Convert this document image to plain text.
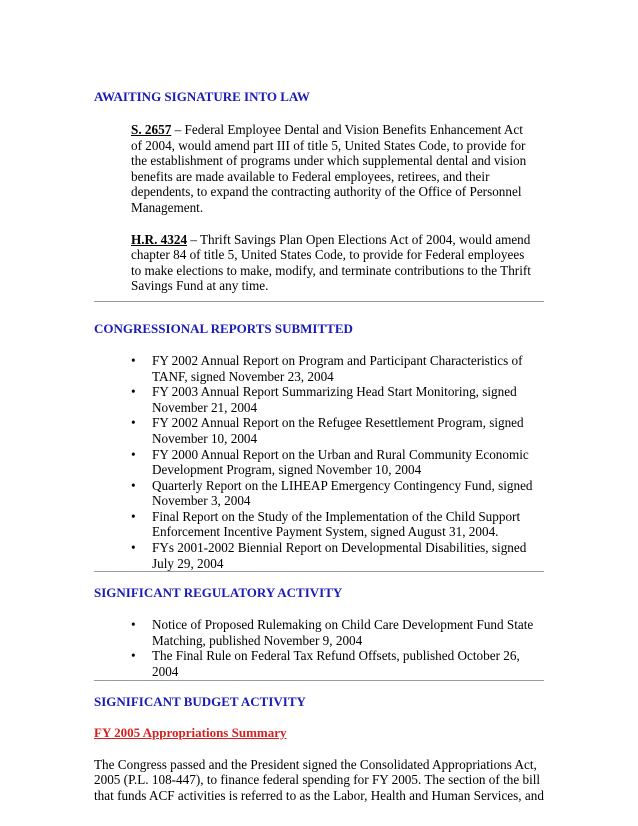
AWAITING SIGNATURE INTO LAW

S. 2657 – Federal Employee Dental and Vision Benefits Enhancement Act of 2004, would amend part III of title 5, United States Code, to provide for the establishment of programs under which supplemental dental and vision benefits are made available to Federal employees, retirees, and their dependents, to expand the contracting authority of the Office of Personnel Management.

H.R. 4324 – Thrift Savings Plan Open Elections Act of 2004, would amend chapter 84 of title 5, United States Code, to provide for Federal employees to make elections to make, modify, and terminate contributions to the Thrift Savings Fund at any time.

CONGRESSIONAL REPORTS SUBMITTED
• FY 2002 Annual Report on Program and Participant Characteristics of TANF, signed November 23, 2004
• FY 2003 Annual Report Summarizing Head Start Monitoring, signed November 21, 2004
• FY 2002 Annual Report on the Refugee Resettlement Program, signed November 10, 2004
• FY 2000 Annual Report on the Urban and Rural Community Economic Development Program, signed November 10, 2004
• Quarterly Report on the LIHEAP Emergency Contingency Fund, signed November 3, 2004
• Final Report on the Study of the Implementation of the Child Support Enforcement Incentive Payment System, signed August 31, 2004.
• FYs 2001-2002 Biennial Report on Developmental Disabilities, signed July 29, 2004
SIGNIFICANT REGULATORY ACTIVITY
• Notice of Proposed Rulemaking on Child Care Development Fund State Matching, published November 9, 2004
• The Final Rule on Federal Tax Refund Offsets, published October 26, 2004
SIGNIFICANT BUDGET ACTIVITY
FY 2005 Appropriations Summary

The Congress passed and the President signed the Consolidated Appropriations Act, 2005 (P.L. 108-447), to finance federal spending for FY 2005. The section of the bill that funds ACF activities is referred to as the Labor, Health and Human Services, and
